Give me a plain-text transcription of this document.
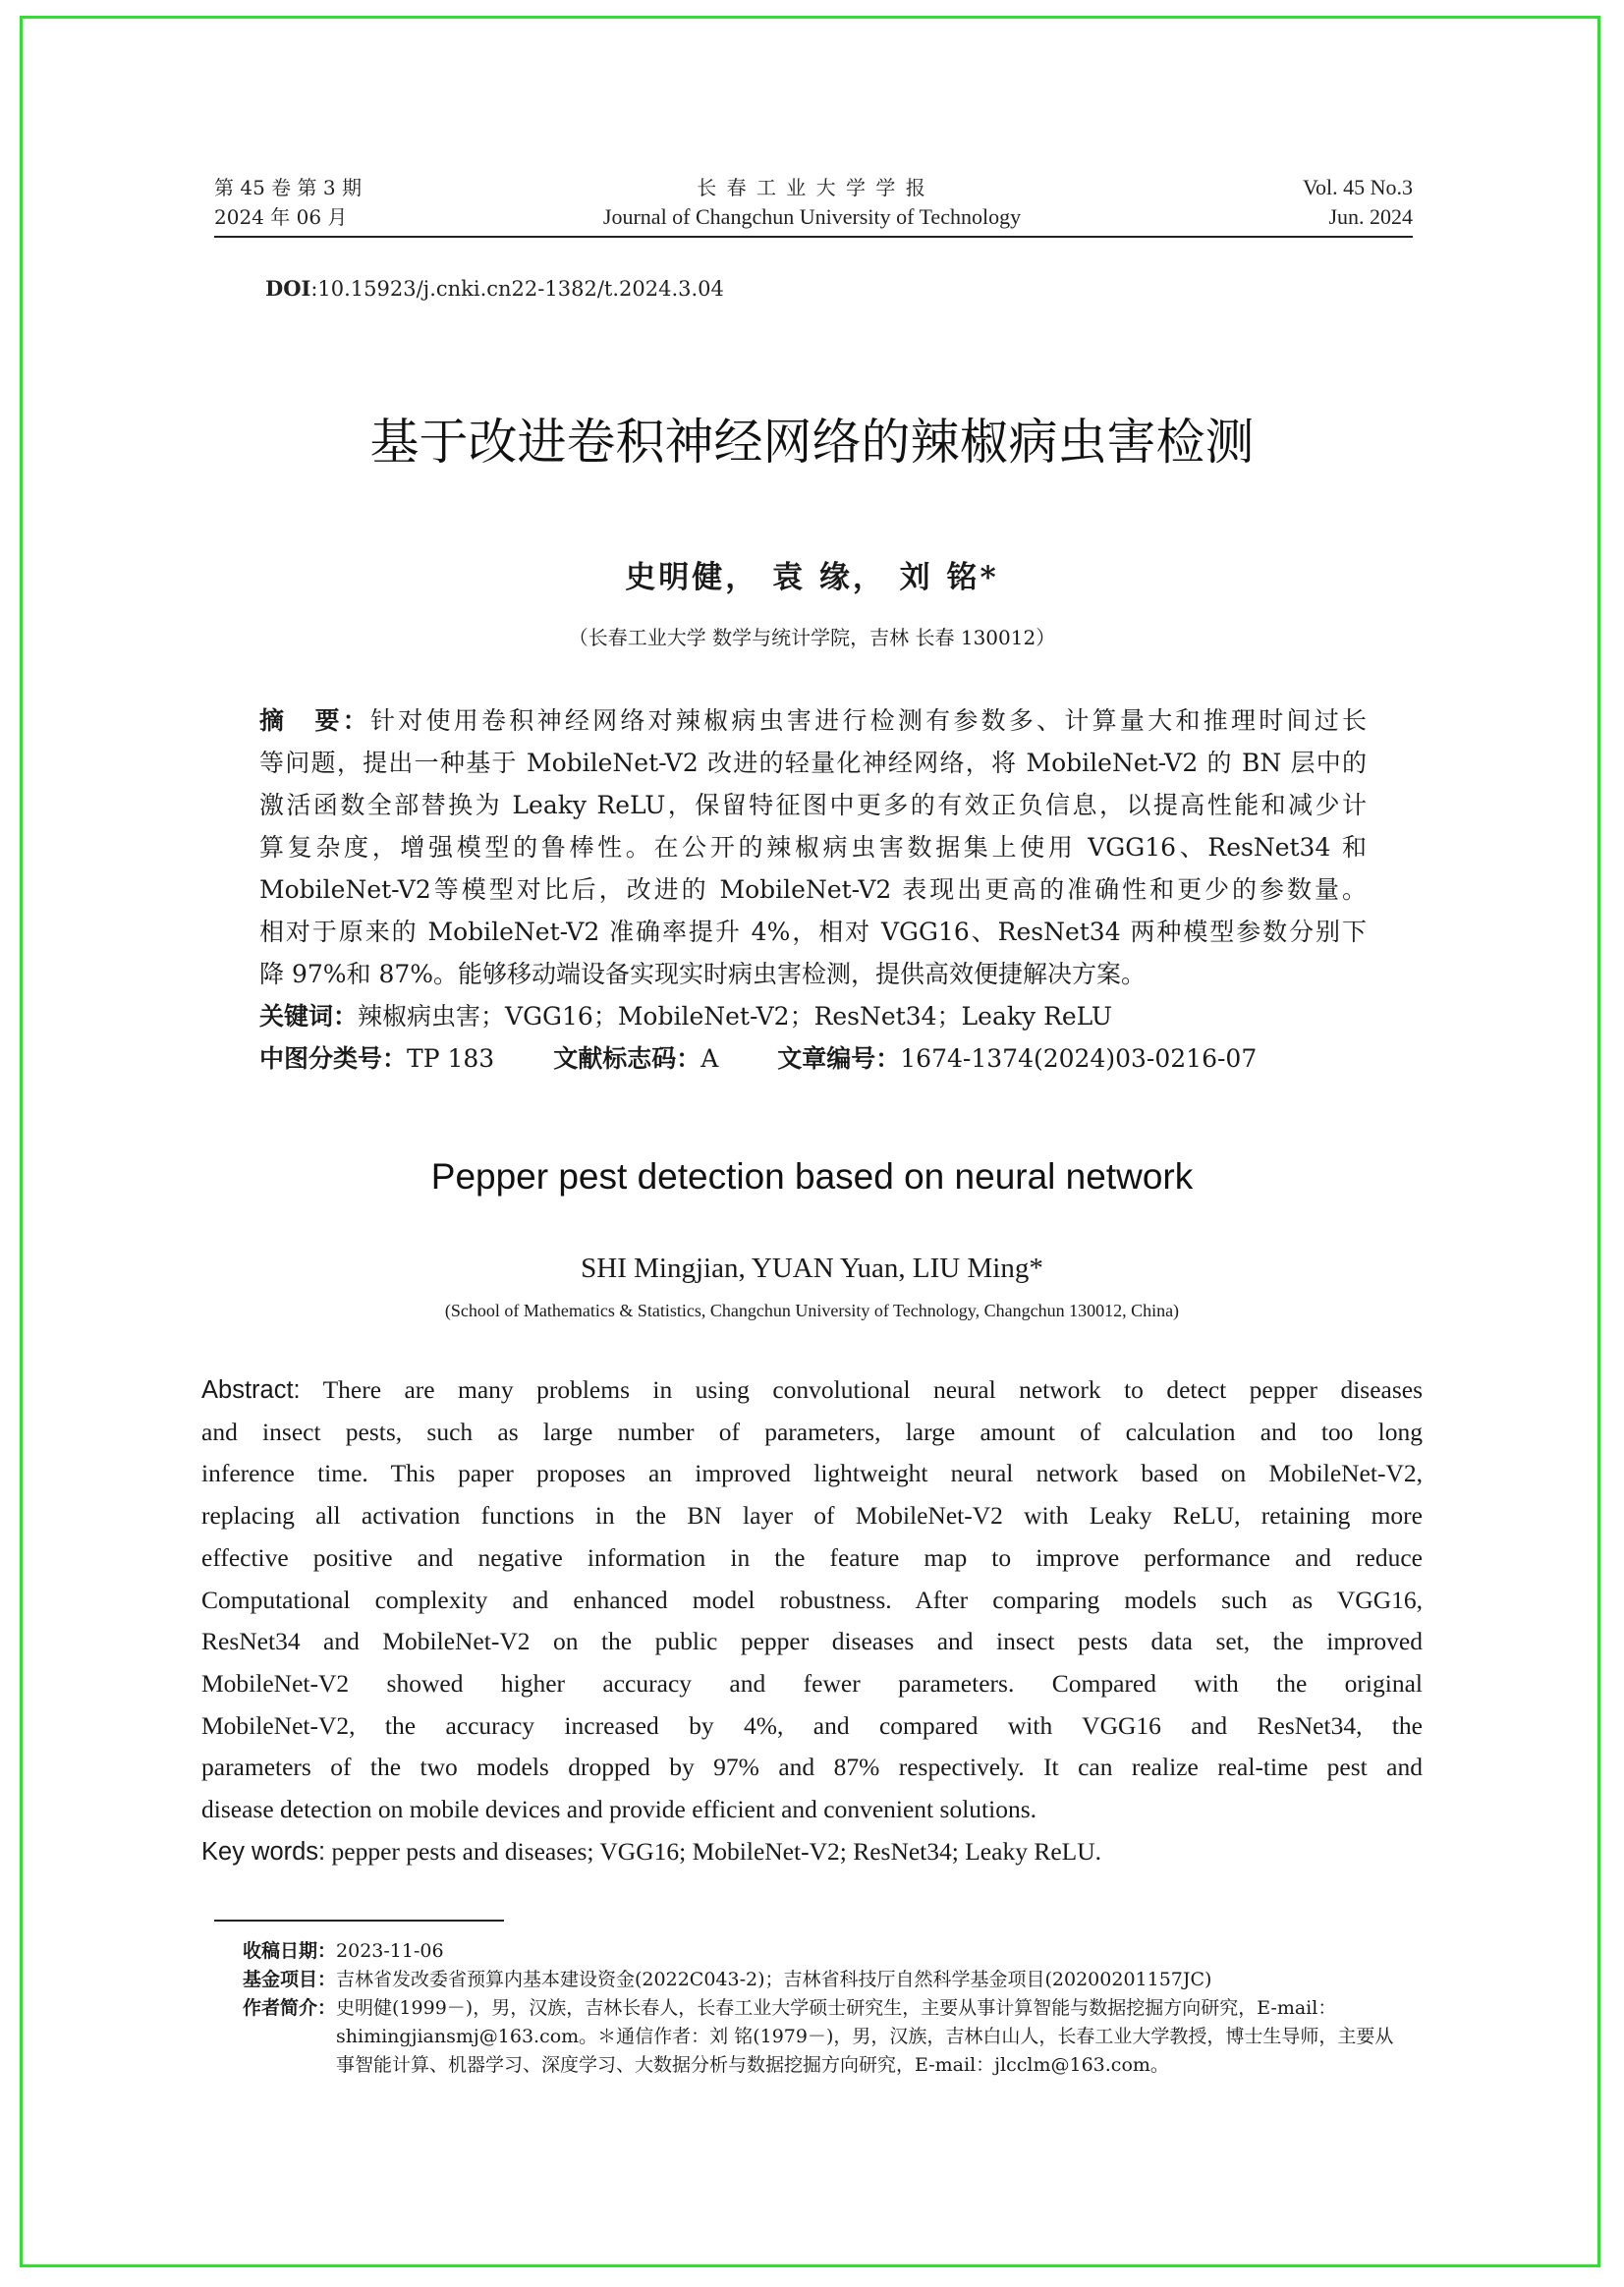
第 45 卷 第 3 期
2024 年 06 月
长 春 工 业 大 学 学 报
Journal of Changchun University of Technology
Vol. 45 No.3
Jun. 2024
DOI:10.15923/j.cnki.cn22-1382/t.2024.3.04
基于改进卷积神经网络的辣椒病虫害检测
史明健， 袁 缘， 刘 铭*
（长春工业大学 数学与统计学院，吉林 长春 130012）
摘　要：针对使用卷积神经网络对辣椒病虫害进行检测有参数多、计算量大和推理时间过长
等问题，提出一种基于 MobileNet-V2 改进的轻量化神经网络，将 MobileNet-V2 的 BN 层中的
激活函数全部替换为 Leaky ReLU，保留特征图中更多的有效正负信息，以提高性能和减少计
算复杂度，增强模型的鲁棒性。在公开的辣椒病虫害数据集上使用 VGG16、ResNet34 和
MobileNet-V2等模型对比后，改进的 MobileNet-V2 表现出更高的准确性和更少的参数量。
相对于原来的 MobileNet-V2 准确率提升 4%，相对 VGG16、ResNet34 两种模型参数分别下
降 97%和 87%。能够移动端设备实现实时病虫害检测，提供高效便捷解决方案。
关键词：辣椒病虫害；VGG16；MobileNet-V2；ResNet34；Leaky ReLU
中图分类号：TP 183 文献标志码：A 文章编号：1674-1374(2024)03-0216-07
Pepper pest detection based on neural network
SHI Mingjian, YUAN Yuan, LIU Ming*
(School of Mathematics & Statistics, Changchun University of Technology, Changchun 130012, China)
Abstract: There are many problems in using convolutional neural network to detect pepper diseases
and insect pests, such as large number of parameters, large amount of calculation and too long
inference time. This paper proposes an improved lightweight neural network based on MobileNet-V2,
replacing all activation functions in the BN layer of MobileNet-V2 with Leaky ReLU, retaining more
effective positive and negative information in the feature map to improve performance and reduce
Computational complexity and enhanced model robustness. After comparing models such as VGG16,
ResNet34 and MobileNet-V2 on the public pepper diseases and insect pests data set, the improved
MobileNet-V2 showed higher accuracy and fewer parameters. Compared with the original
MobileNet-V2, the accuracy increased by 4%, and compared with VGG16 and ResNet34, the
parameters of the two models dropped by 97% and 87% respectively. It can realize real-time pest and
disease detection on mobile devices and provide efficient and convenient solutions.
Key words: pepper pests and diseases; VGG16; MobileNet-V2; ResNet34; Leaky ReLU.
收稿日期： 2023-11-06
基金项目： 吉林省发改委省预算内基本建设资金(2022C043-2)；吉林省科技厅自然科学基金项目(20200201157JC)
作者简介： 史明健(1999－)，男，汉族，吉林长春人，长春工业大学硕士研究生，主要从事计算智能与数据挖掘方向研究，E-mail：
shimingjiansmj@163.com。＊通信作者：刘 铭(1979－)，男，汉族，吉林白山人，长春工业大学教授，博士生导师，主要从
事智能计算、机器学习、深度学习、大数据分析与数据挖掘方向研究，E-mail：jlcclm@163.com。
